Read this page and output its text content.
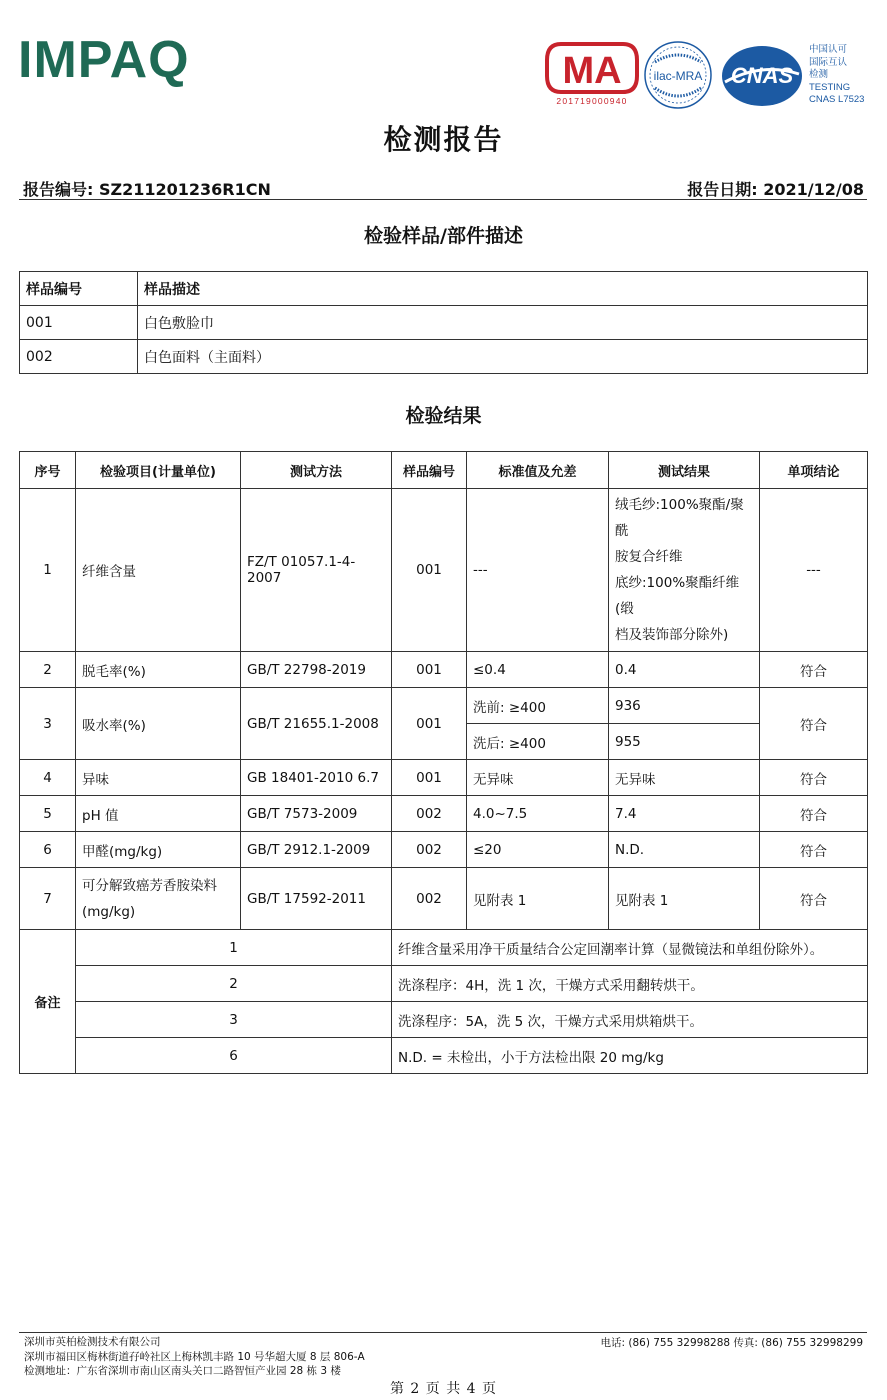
IMPAQ	MA
201719000940
ilac-MRA CNAS
中国认可
国际互认
检测
TESTING
CNAS L7523
检测报告
报告编号: SZ211201236R1CN	报告日期: 2021/12/08
检验样品/部件描述
样品编号	样品描述
001	白色敷脸巾
002	白色面料（主面料）
检验结果
序号	检验项目(计量单位)	测试方法	样品编号	标准值及允差	测试结果	单项结论
1	纤维含量	FZ/T 01057.1-4-2007	001	---	绒毛纱:100%聚酯/聚酰
胺复合纤维
底纱:100%聚酯纤维(缎
档及装饰部分除外)	---
2	脱毛率(%)	GB/T 22798-2019	001	≤0.4	0.4	符合
3	吸水率(%)	GB/T 21655.1-2008	001	洗前: ≥400	936	符合
				洗后: ≥400	955	
4	异味	GB 18401-2010 6.7	001	无异味	无异味	符合
5	pH 值	GB/T 7573-2009	002	4.0~7.5	7.4	符合
6	甲醛(mg/kg)	GB/T 2912.1-2009	002	≤20	N.D.	符合
7	可分解致癌芳香胺染料
(mg/kg)	GB/T 17592-2011	002	见附表 1	见附表 1	符合
备注	1		纤维含量采用净干质量结合公定回潮率计算（显微镜法和单组份除外）。			
	2		洗涤程序：4H，洗 1 次，干燥方式采用翻转烘干。			
	3		洗涤程序：5A，洗 5 次，干燥方式采用烘箱烘干。			
	6		N.D. = 未检出，小于方法检出限 20 mg/kg			
深圳市英柏检测技术有限公司
深圳市福田区梅林街道孖岭社区上梅林凯丰路 10 号华超大厦 8 层 806-A
检测地址：广东省深圳市南山区南头关口二路智恒产业园 28 栋 3 楼
电话: (86) 755 32998288 传真: (86) 755 32998299
第 2 页 共 4 页
